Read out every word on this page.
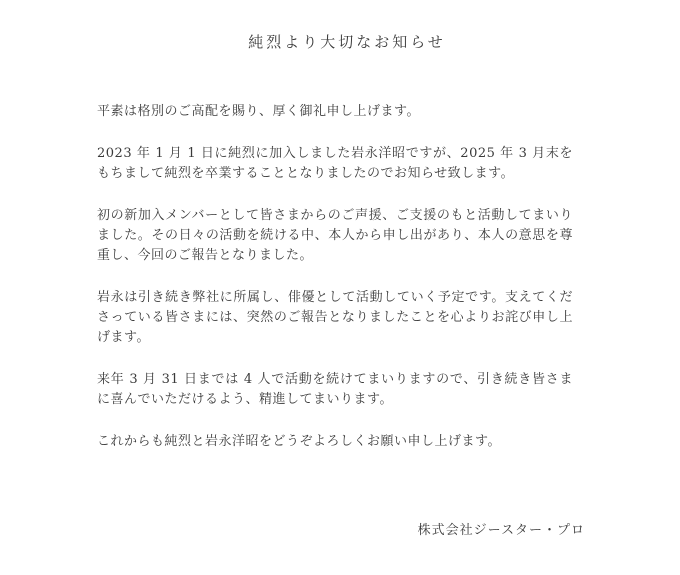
純烈より大切なお知らせ

平素は格別のご高配を賜り、厚く御礼申し上げます。

2023 年 1 月 1 日に純烈に加入しました岩永洋昭ですが、2025 年 3 月末をもちまして純烈を卒業することとなりましたのでお知らせ致します。

初の新加入メンバーとして皆さまからのご声援、ご支援のもと活動してまいりました。その日々の活動を続ける中、本人から申し出があり、本人の意思を尊重し、今回のご報告となりました。

岩永は引き続き弊社に所属し、俳優として活動していく予定です。支えてくださっている皆さまには、突然のご報告となりましたことを心よりお詫び申し上げます。

来年 3 月 31 日までは 4 人で活動を続けてまいりますので、引き続き皆さまに喜んでいただけるよう、精進してまいります。

これからも純烈と岩永洋昭をどうぞよろしくお願い申し上げます。

株式会社ジースター・プロ
